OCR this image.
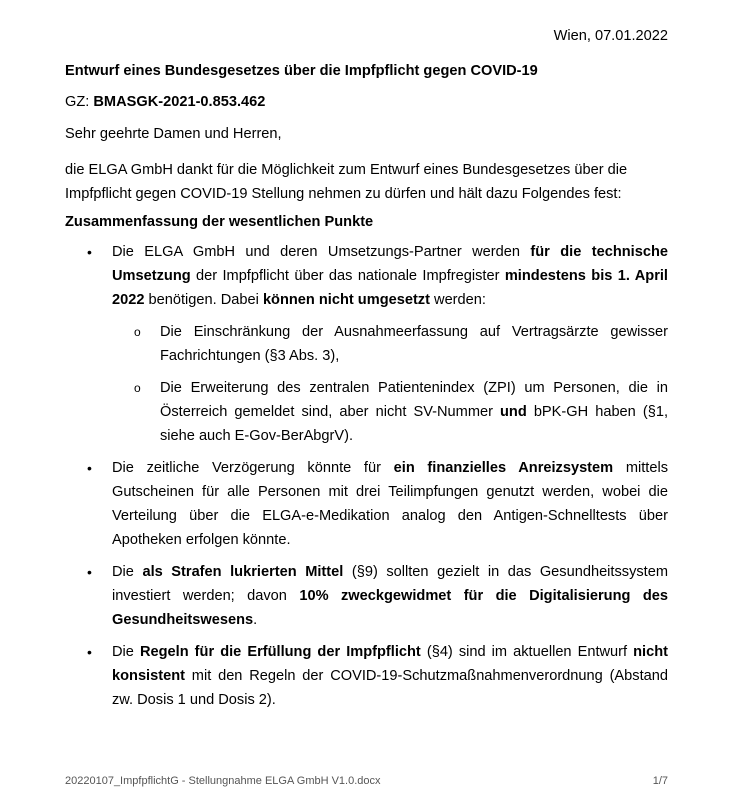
Wien, 07.01.2022
Entwurf eines Bundesgesetzes über die Impfpflicht gegen COVID-19
GZ: BMASGK-2021-0.853.462
Sehr geehrte Damen und Herren,
die ELGA GmbH dankt für die Möglichkeit zum Entwurf eines Bundesgesetzes über die Impfpflicht gegen COVID-19 Stellung nehmen zu dürfen und hält dazu Folgendes fest:
Zusammenfassung der wesentlichen Punkte
•	Die ELGA GmbH und deren Umsetzungs-Partner werden für die technische Umsetzung der Impfpflicht über das nationale Impfregister mindestens bis 1. April 2022 benötigen. Dabei können nicht umgesetzt werden:
o	Die Einschränkung der Ausnahmeerfassung auf Vertragsärzte gewisser Fachrichtungen (§3 Abs. 3),
o	Die Erweiterung des zentralen Patientenindex (ZPI) um Personen, die in Österreich gemeldet sind, aber nicht SV-Nummer und bPK-GH haben (§1, siehe auch E-Gov-BerAbgrV).
•	Die zeitliche Verzögerung könnte für ein finanzielles Anreizsystem mittels Gutscheinen für alle Personen mit drei Teilimpfungen genutzt werden, wobei die Verteilung über die ELGA-e-Medikation analog den Antigen-Schnelltests über Apotheken erfolgen könnte.
•	Die als Strafen lukrierten Mittel (§9) sollten gezielt in das Gesundheitssystem investiert werden; davon 10% zweckgewidmet für die Digitalisierung des Gesundheitswesens.
•	Die Regeln für die Erfüllung der Impfpflicht (§4) sind im aktuellen Entwurf nicht konsistent mit den Regeln der COVID-19-Schutzmaßnahmenverordnung (Abstand zw. Dosis 1 und Dosis 2).
20220107_ImpfpflichtG - Stellungnahme ELGA GmbH V1.0.docx	1/7
